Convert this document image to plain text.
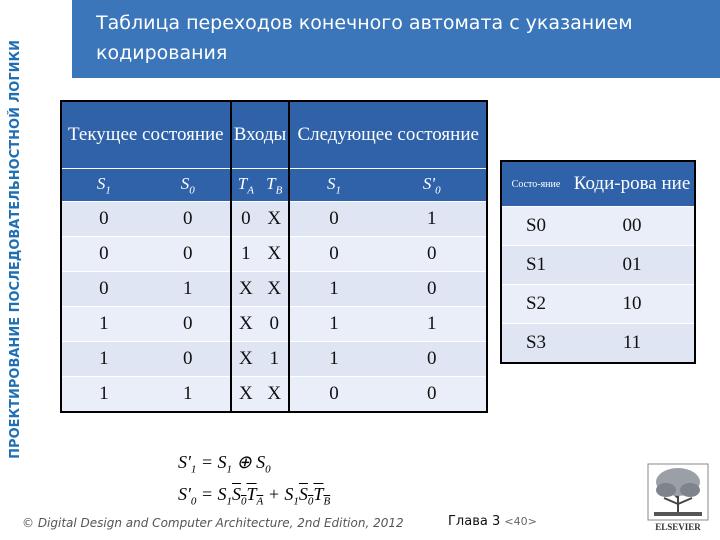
ПРОЕКТИРОВАНИЕ ПОСЛЕДОВАТЕЛЬНОСТНОЙ ЛОГИКИ
Таблица переходов конечного автомата с указанием кодирования
Текущее состояние		Входы		Следующее состояние	
$S_1$	$S_0$	$T_A$	$T_B$	$S_1$	$S'_0$
0	0	0	X	0	1
0	0	1	X	0	0
0	1	X	X	1	0
1	0	X	0	1	1
1	0	X	1	1	0
1	1	X	X	0	0
Состо-яние	Коди-рова ние
S0	00
S1	01
S2	10
S3	11
$S'_1 = S_1$ ⊕ $S_0$
$S'_0 = S_1S_0T_A + S_1S_0T_B$
© Digital Design and Computer Architecture, 2nd Edition, 2012	Глава 3 <40>	ELSEVIER
